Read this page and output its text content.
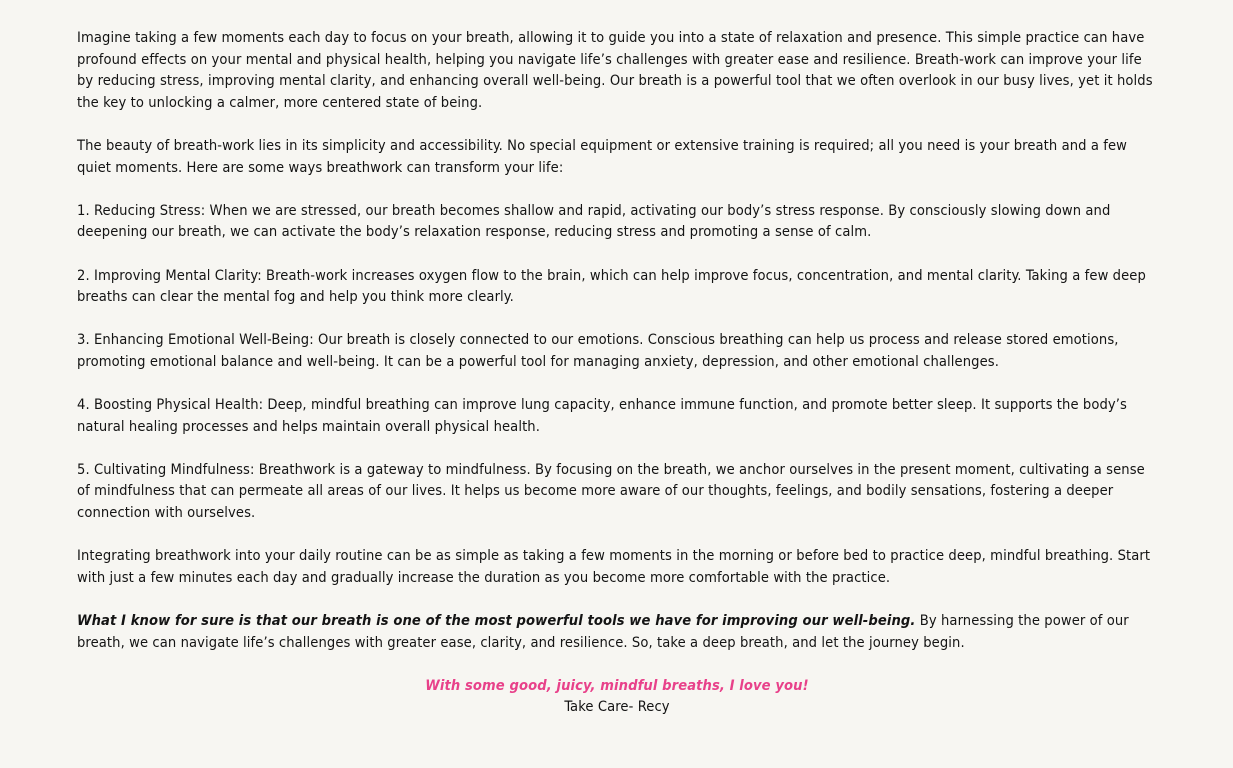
Imagine taking a few moments each day to focus on your breath, allowing it to guide you into a state of relaxation and presence. This simple practice can have profound effects on your mental and physical health, helping you navigate life’s challenges with greater ease and resilience. Breath-work can improve your life by reducing stress, improving mental clarity, and enhancing overall well-being. Our breath is a powerful tool that we often overlook in our busy lives, yet it holds the key to unlocking a calmer, more centered state of being.

The beauty of breath-work lies in its simplicity and accessibility. No special equipment or extensive training is required; all you need is your breath and a few quiet moments. Here are some ways breathwork can transform your life:

1. Reducing Stress: When we are stressed, our breath becomes shallow and rapid, activating our body’s stress response. By consciously slowing down and deepening our breath, we can activate the body’s relaxation response, reducing stress and promoting a sense of calm.

2. Improving Mental Clarity: Breath-work increases oxygen flow to the brain, which can help improve focus, concentration, and mental clarity. Taking a few deep breaths can clear the mental fog and help you think more clearly.

3. Enhancing Emotional Well-Being: Our breath is closely connected to our emotions. Conscious breathing can help us process and release stored emotions, promoting emotional balance and well-being. It can be a powerful tool for managing anxiety, depression, and other emotional challenges.

4. Boosting Physical Health: Deep, mindful breathing can improve lung capacity, enhance immune function, and promote better sleep. It supports the body’s natural healing processes and helps maintain overall physical health.

5. Cultivating Mindfulness: Breathwork is a gateway to mindfulness. By focusing on the breath, we anchor ourselves in the present moment, cultivating a sense of mindfulness that can permeate all areas of our lives. It helps us become more aware of our thoughts, feelings, and bodily sensations, fostering a deeper connection with ourselves.

Integrating breathwork into your daily routine can be as simple as taking a few moments in the morning or before bed to practice deep, mindful breathing. Start with just a few minutes each day and gradually increase the duration as you become more comfortable with the practice.

What I know for sure is that our breath is one of the most powerful tools we have for improving our well-being. By harnessing the power of our breath, we can navigate life’s challenges with greater ease, clarity, and resilience. So, take a deep breath, and let the journey begin.

With some good, juicy, mindful breaths, I love you!
Take Care- Recy
